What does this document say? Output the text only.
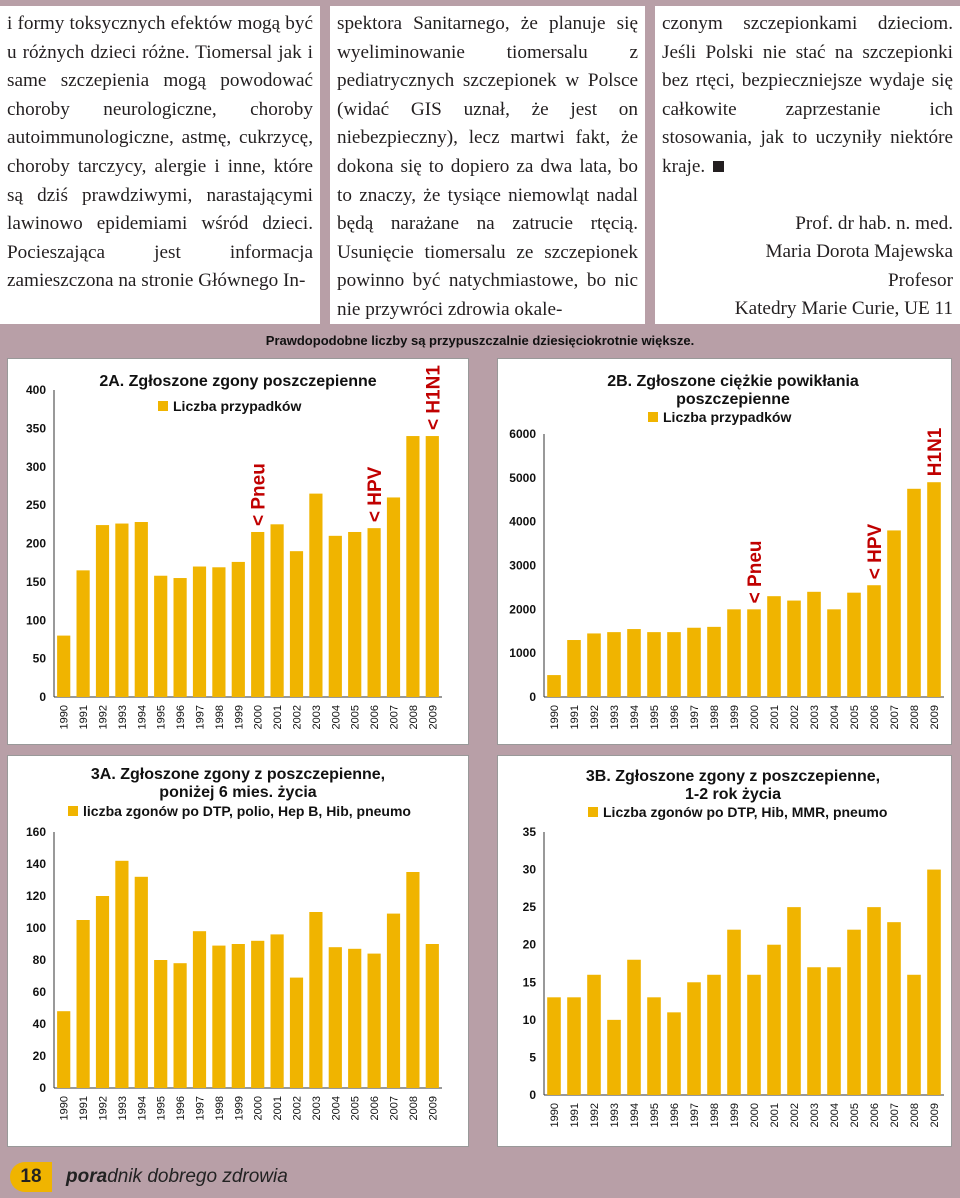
i formy toksycznych efektów mogą być u różnych dzieci różne. Tiomersal jak i same szczepienia mogą powodować choroby neurologiczne, choroby autoimmunologiczne, astmę, cukrzycę, choroby tarczycy, alergie i inne, które są dziś prawdziwymi, narastającymi lawinowo epidemiami wśród dzieci. Pocieszająca jest informacja zamieszczona na stronie Głównego In-

spektora Sanitarnego, że planuje się wyeliminowanie tiomersalu z pediatrycznych szczepionek w Polsce (widać GIS uznał, że jest on niebezpieczny), lecz martwi fakt, że dokona się to dopiero za dwa lata, bo to znaczy, że tysiące niemowląt nadal będą narażane na zatrucie rtęcią. Usunięcie tiomersalu ze szczepionek powinno być natychmiastowe, bo nic nie przywróci zdrowia okale-

czonym szczepionkami dzieciom. Jeśli Polski nie stać na szczepionki bez rtęci, bezpieczniejsze wydaje się całkowite zaprzestanie ich stosowania, jak to uczyniły niektóre kraje.

Prof. dr hab. n. med.

Maria Dorota Majewska

Profesor

Katedry Marie Curie, UE 11

Prawdopodobne liczby są przypuszczalnie dziesięciokrotnie większe.
0
50
100
150
200
250
300
350
400
1990 1991 1992 1993 1994 1995 1996 1997 1998 1999 2000 2001 2002 2003 2004 2005 2006 2007 2008 2009
2A. Zgłoszone zgony poszczepienne
Liczba przypadków
< Pneu	< HPV
< H1N1
0
1000
2000
3000
4000
5000
6000
1990 1991 1992 1993 1994 1995 1996 1997 1998 1999 2000 2001 2002 2003 2004 2005 2006 2007 2008 2009
2B. Zgłoszone ciężkie powikłania
poszczepienne
Liczba przypadków
< Pneu	< HPV
H1N1
0
20
40
60
80
100
120
140
160
1990 1991 1992 1993 1994 1995 1996 1997 1998 1999 2000 2001 2002 2003 2004 2005 2006 2007 2008 2009
3A. Zgłoszone zgony z poszczepienne,
poniżej 6 mies. życia
liczba zgonów po DTP, polio, Hep B, Hib, pneumo
0
5
10
15
20
25
30
35
1990 1991 1992 1993 1994 1995 1996 1997 1998 1999 2000 2001 2002 2003 2004 2005 2006 2007 2008 2009
3B. Zgłoszone zgony z poszczepienne,
1-2 rok życia
Liczba zgonów po DTP, Hib, MMR, pneumo
18	poradnik dobrego zdrowia
